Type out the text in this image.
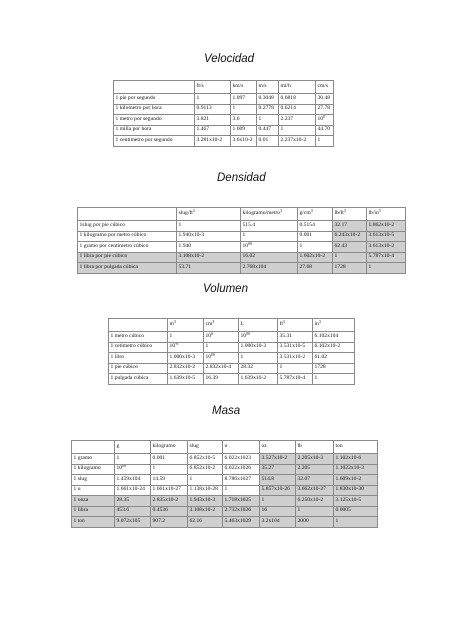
Velocidad
	ft/s	km/s	m/s	mi/h	cm/s
1 pie por segundo	1	1.097	0.3048	0.6818	30.48
1 kilometro por hora	0.9113	1	0.2778	0.6214	27.78
1 metro por segundo	3.821	3.6	1	2.237	$10^0$
1 milla por hora	1.467	1.609	0.447	1	44.70
1 centimetro por segundo	3.281x10-2	3.6x10-2	0.01	2.237x10-2	1
Densidad
	slug/$ft^3$	kilogramo/metro$^3$	$g/cm^3$	$lb/ft^3$	$lb/in^3$
1slug por pie cúbico	1	515.4	0.5154	32.17	1.862x10-2
1 kilogramo por metro cúbico	1.940x10-3	1	0.001	6.243x10-2	3.613x10-5
1 gramo por centimetro cúbico	1.940	$10^{00}$	1	62.43	3.613x10-2
1 libra por pie cúbico	3.108x10-2	16.02	1.602x10-2	1	5.787x10-4
1 libra por pulgada cúbica	53.71	2.768x104	27.68	1728	1
Volumen
	$m^3$	$cm^3$	L	$ft^3$	$in^3$
1 metro cúbico	1	$10^6$	$10^{00}$	35.31	6.102x104
1 cetimetro cúbico	$10^{-6}$	1	1.000x10-3	3.531x10-5	6.102x10-2
1 litro	1.000x10-3	$10^{00}$	1	3.531x10-2	61.02
1 pie cúbico	2.832x10-2	2.832x10-4	28.32	1	1728
1 pulgada cúbica	1.639x10-5	16.39	1.639x10-2	5.787x10-4	1
Masa
	g	kilogramo	slug	u	oz	lb	ton
1 gramo	1	0.001	6.852x10-5	6.022x1023	3.527x10-2	2.205x10-3	1.102x10-6
1 kilogramo	$10^{00}$	1	6.852x10-2	6.022x1026	35.27	2.205	1.1022x10-3
1 slug	1.459x104	14.59	1	8.786x1027	514.8	32.07	1.609x10-2
1 u	1.661x10-24	1.661x10-27	1.138x10-28	1	5.857x10-26	3.662x10-27	1.830x10-30
1 onza	28.35	2.835x10-2	1.943x10-3	1.718x1025	1	6.250x10-2	3.125x10-5
1 libra	453.6	0.4536	3.108x10-2	2.732x1026	16	1	0.0005
1 ton	9.072x105	907.2	62.16	5.463x1029	3.2x104	2000	1
